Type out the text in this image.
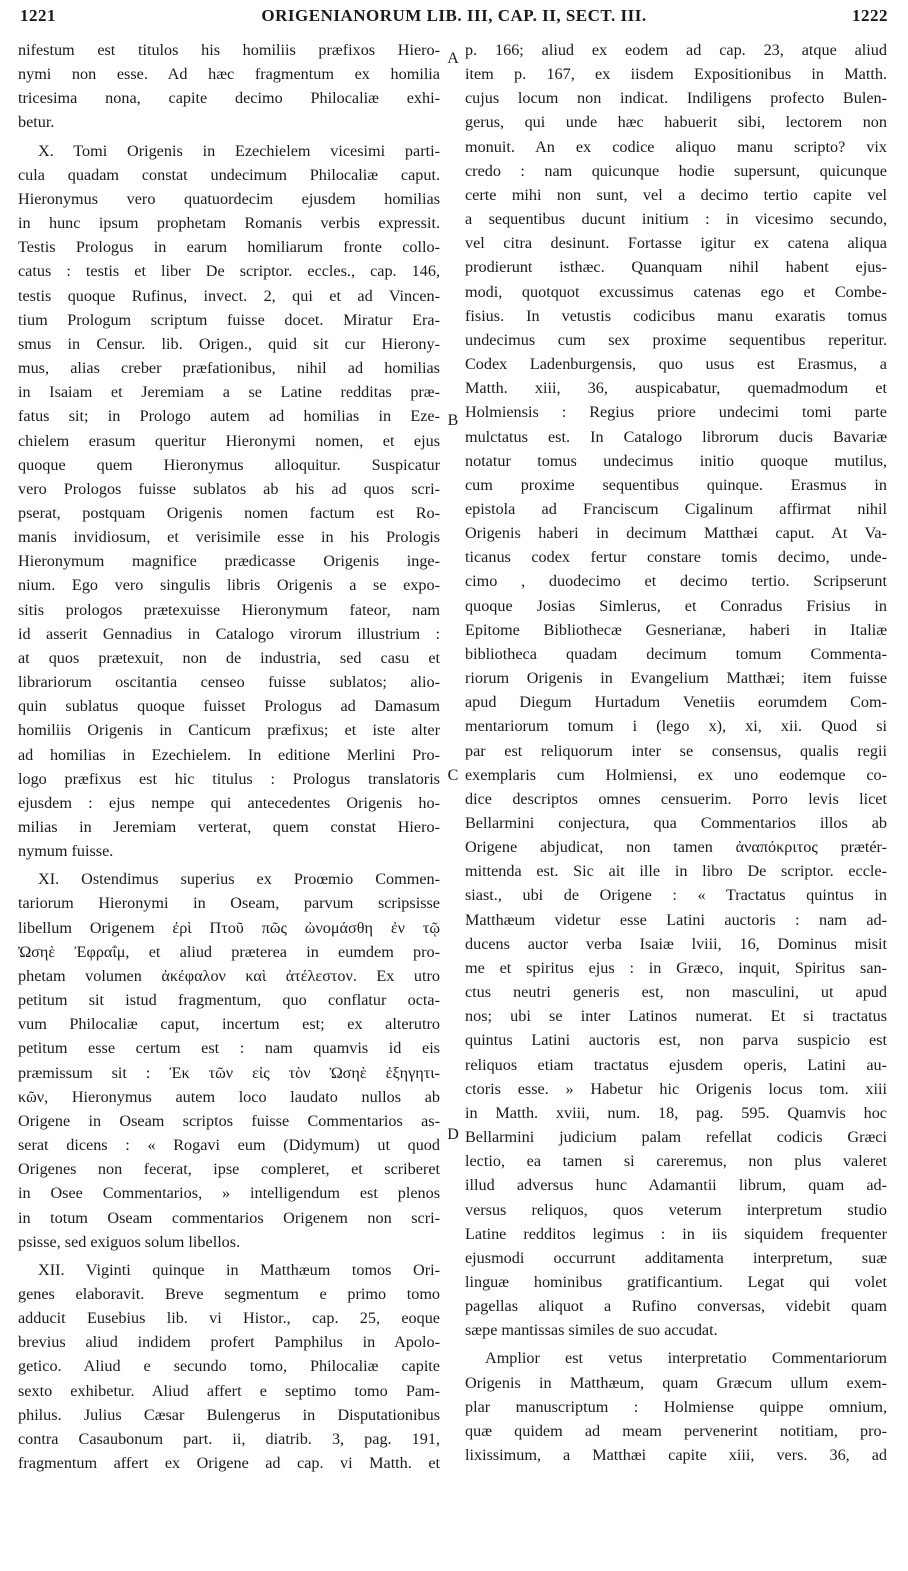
1221	ORIGENIANORUM LIB. III, CAP. II, SECT. III.	1222
A
B
C
D
nifestum est titulos his homiliis præfixos Hiero-
nymi non esse. Ad hæc fragmentum ex homilia
tricesima nona, capite decimo Philocaliæ exhi-
betur.
X. Tomi Origenis in Ezechielem vicesimi parti-
cula quadam constat undecimum Philocaliæ caput.
Hieronymus vero quatuordecim ejusdem homilias
in hunc ipsum prophetam Romanis verbis expressit.
Testis Prologus in earum homiliarum fronte collo-
catus : testis et liber De scriptor. eccles., cap. 146,
testis quoque Rufinus, invect. 2, qui et ad Vincen-
tium Prologum scriptum fuisse docet. Miratur Era-
smus in Censur. lib. Origen., quid sit cur Hierony-
mus, alias creber præfationibus, nihil ad homilias
in Isaiam et Jeremiam a se Latine redditas præ-
fatus sit; in Prologo autem ad homilias in Eze-
chielem erasum queritur Hieronymi nomen, et ejus
quoque quem Hieronymus alloquitur. Suspicatur
vero Prologos fuisse sublatos ab his ad quos scri-
pserat, postquam Origenis nomen factum est Ro-
manis invidiosum, et verisimile esse in his Prologis
Hieronymum magnifice prædicasse Origenis inge-
nium. Ego vero singulis libris Origenis a se expo-
sitis prologos prætexuisse Hieronymum fateor, nam
id asserit Gennadius in Catalogo virorum illustrium :
at quos prætexuit, non de industria, sed casu et
librariorum oscitantia censeo fuisse sublatos; alio-
quin sublatus quoque fuisset Prologus ad Damasum
homiliis Origenis in Canticum præfixus; et iste alter
ad homilias in Ezechielem. In editione Merlini Pro-
logo præfixus est hic titulus : Prologus translatoris
ejusdem : ejus nempe qui antecedentes Origenis ho-
milias in Jeremiam verterat, quem constat Hiero-
nymum fuisse.
XI. Ostendimus superius ex Proœmio Commen-
tariorum Hieronymi in Oseam, parvum scripsisse
libellum Origenem ἐρὶ Πτοῦ πῶς ὠνομάσθη ἐν τῷ
Ὠσηὲ Ἐφραΐμ, et aliud præterea in eumdem pro-
phetam volumen ἀκέφαλον καὶ ἀτέλεστον. Ex utro
petitum sit istud fragmentum, quo conflatur octa-
vum Philocaliæ caput, incertum est; ex alterutro
petitum esse certum est : nam quamvis id eis
præmissum sit : Ἐκ τῶν εἰς τὸν Ὠσηὲ ἐξηγητι-
κῶν, Hieronymus autem loco laudato nullos ab
Origene in Oseam scriptos fuisse Commentarios as-
serat dicens : « Rogavi eum (Didymum) ut quod
Origenes non fecerat, ipse compleret, et scriberet
in Osee Commentarios, » intelligendum est plenos
in totum Oseam commentarios Origenem non scri-
psisse, sed exiguos solum libellos.
XII. Viginti quinque in Matthæum tomos Ori-
genes elaboravit. Breve segmentum e primo tomo
adducit Eusebius lib. vi Histor., cap. 25, eoque
brevius aliud indidem profert Pamphilus in Apolo-
getico. Aliud e secundo tomo, Philocaliæ capite
sexto exhibetur. Aliud affert e septimo tomo Pam-
philus. Julius Cæsar Bulengerus in Disputationibus
contra Casaubonum part. ii, diatrib. 3, pag. 191,
fragmentum affert ex Origene ad cap. vi Matth. et
p. 166; aliud ex eodem ad cap. 23, atque aliud
item p. 167, ex iisdem Expositionibus in Matth.
cujus locum non indicat. Indiligens profecto Bulen-
gerus, qui unde hæc habuerit sibi, lectorem non
monuit. An ex codice aliquo manu scripto? vix
credo : nam quicunque hodie supersunt, quicunque
certe mihi non sunt, vel a decimo tertio capite vel
a sequentibus ducunt initium : in vicesimo secundo,
vel citra desinunt. Fortasse igitur ex catena aliqua
prodierunt isthæc. Quanquam nihil habent ejus-
modi, quotquot excussimus catenas ego et Combe-
fisius. In vetustis codicibus manu exaratis tomus
undecimus cum sex proxime sequentibus reperitur.
Codex Ladenburgensis, quo usus est Erasmus, a
Matth. xiii, 36, auspicabatur, quemadmodum et
Holmiensis : Regius priore undecimi tomi parte
mulctatus est. In Catalogo librorum ducis Bavariæ
notatur tomus undecimus initio quoque mutilus,
cum proxime sequentibus quinque. Erasmus in
epistola ad Franciscum Cigalinum affirmat nihil
Origenis haberi in decimum Matthæi caput. At Va-
ticanus codex fertur constare tomis decimo, unde-
cimo , duodecimo et decimo tertio. Scripserunt
quoque Josias Simlerus, et Conradus Frisius in
Epitome Bibliothecæ Gesnerianæ, haberi in Italiæ
bibliotheca quadam decimum tomum Commenta-
riorum Origenis in Evangelium Matthæi; item fuisse
apud Diegum Hurtadum Venetiis eorumdem Com-
mentariorum tomum i (lego x), xi, xii. Quod si
par est reliquorum inter se consensus, qualis regii
exemplaris cum Holmiensi, ex uno eodemque co-
dice descriptos omnes censuerim. Porro levis licet
Bellarmini conjectura, qua Commentarios illos ab
Origene abjudicat, non tamen ἀναπόκριτος prætér-
mittenda est. Sic ait ille in libro De scriptor. eccle-
siast., ubi de Origene : « Tractatus quintus in
Matthæum videtur esse Latini auctoris : nam ad-
ducens auctor verba Isaiæ lviii, 16, Dominus misit
me et spiritus ejus : in Græco, inquit, Spiritus san-
ctus neutri generis est, non masculini, ut apud
nos; ubi se inter Latinos numerat. Et si tractatus
quintus Latini auctoris est, non parva suspicio est
reliquos etiam tractatus ejusdem operis, Latini au-
ctoris esse. » Habetur hic Origenis locus tom. xiii
in Matth. xviii, num. 18, pag. 595. Quamvis hoc
Bellarmini judicium palam refellat codicis Græci
lectio, ea tamen si careremus, non plus valeret
illud adversus hunc Adamantii librum, quam ad-
versus reliquos, quos veterum interpretum studio
Latine redditos legimus : in iis siquidem frequenter
ejusmodi occurrunt additamenta interpretum, suæ
linguæ hominibus gratificantium. Legat qui volet
pagellas aliquot a Rufino conversas, videbit quam
sæpe mantissas similes de suo accudat.
Amplior est vetus interpretatio Commentariorum
Origenis in Matthæum, quam Græcum ullum exem-
plar manuscriptum : Holmiense quippe omnium,
quæ quidem ad meam pervenerint notitiam, pro-
lixissimum, a Matthæi capite xiii, vers. 36, ad
